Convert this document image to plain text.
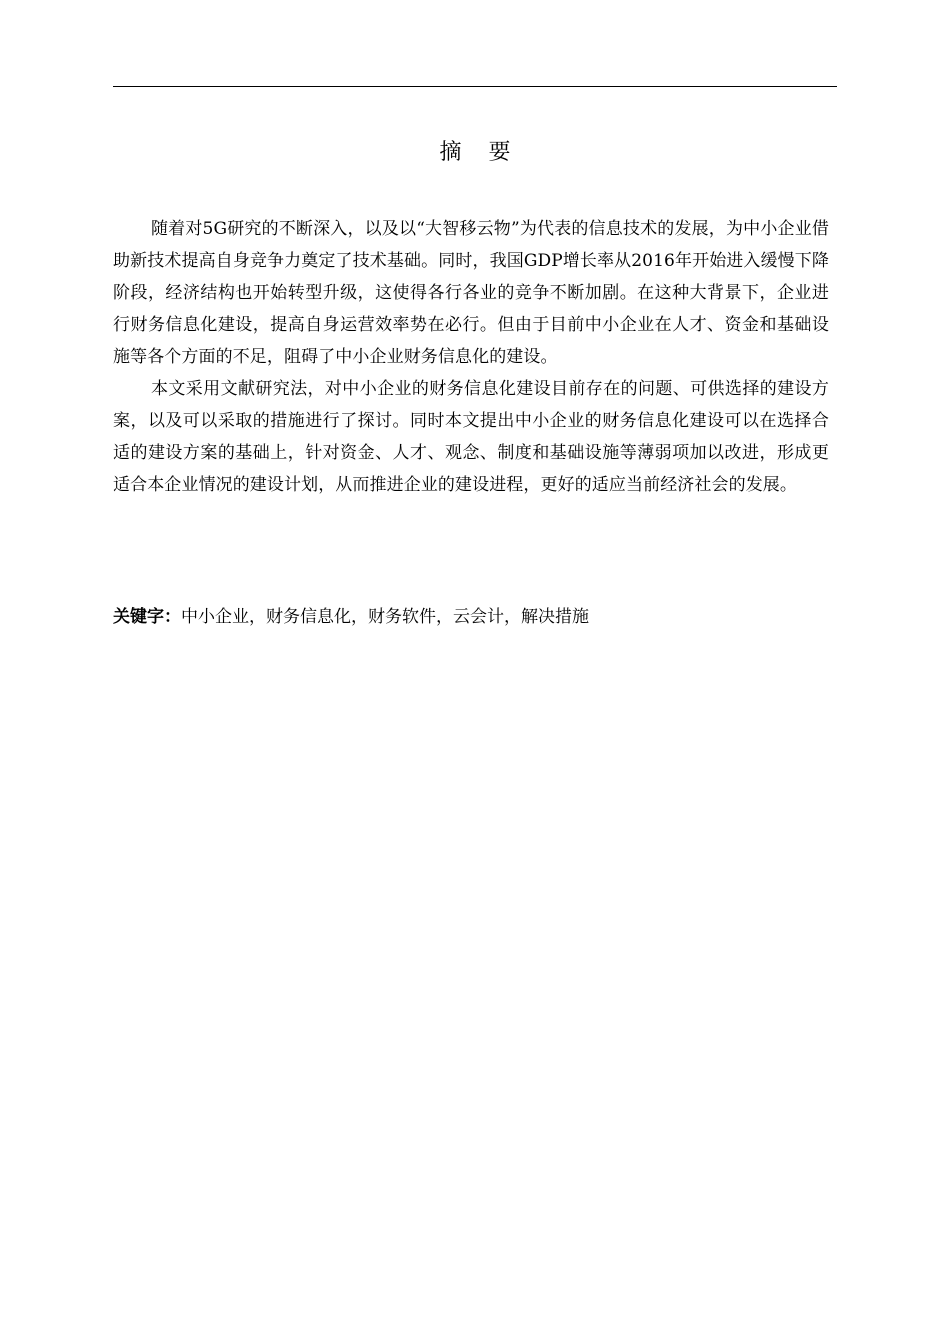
摘 要

随着对5G研究的不断深入，以及以“大智移云物”为代表的信息技术的发展，为中小企业借助新技术提高自身竞争力奠定了技术基础。同时，我国GDP增长率从2016年开始进入缓慢下降阶段，经济结构也开始转型升级，这使得各行各业的竞争不断加剧。在这种大背景下，企业进行财务信息化建设，提高自身运营效率势在必行。但由于目前中小企业在人才、资金和基础设施等各个方面的不足，阻碍了中小企业财务信息化的建设。

本文采用文献研究法，对中小企业的财务信息化建设目前存在的问题、可供选择的建设方案，以及可以采取的措施进行了探讨。同时本文提出中小企业的财务信息化建设可以在选择合适的建设方案的基础上，针对资金、人才、观念、制度和基础设施等薄弱项加以改进，形成更适合本企业情况的建设计划，从而推进企业的建设进程，更好的适应当前经济社会的发展。

关键字：中小企业，财务信息化，财务软件，云会计，解决措施
